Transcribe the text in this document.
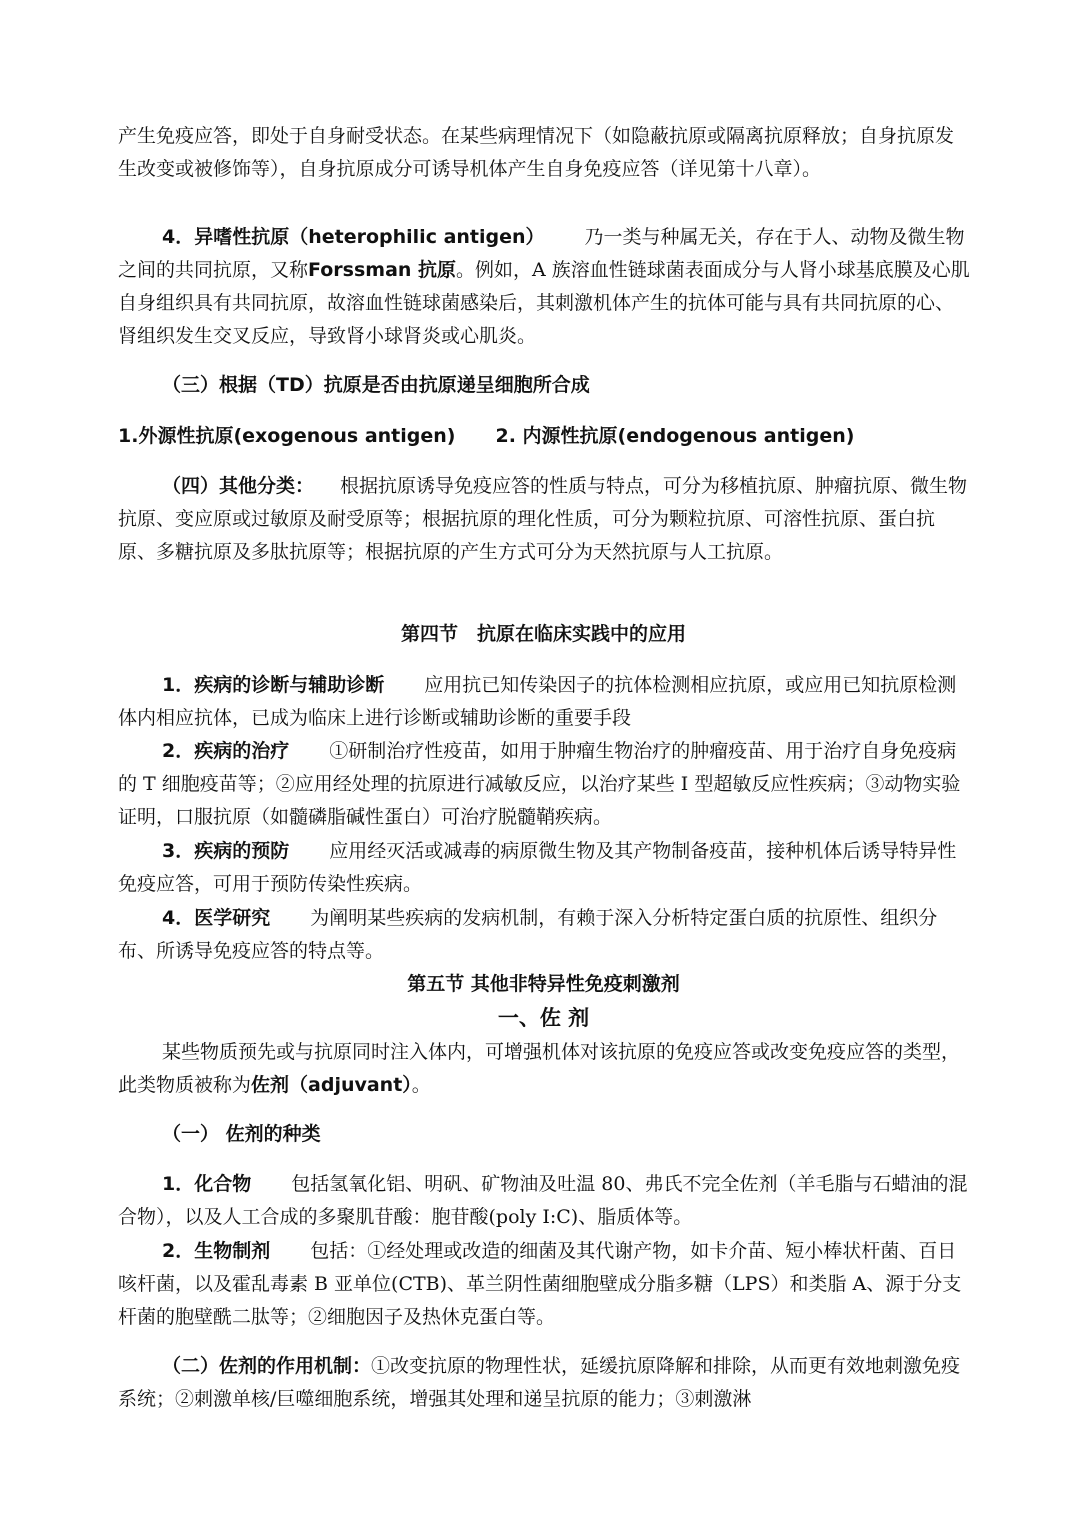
产生免疫应答，即处于自身耐受状态。在某些病理情况下（如隐蔽抗原或隔离抗原释放；自身抗原发生改变或被修饰等），自身抗原成分可诱导机体产生自身免疫应答（详见第十八章）。

4．异嗜性抗原（heterophilic antigen） 乃一类与种属无关，存在于人、动物及微生物之间的共同抗原，又称Forssman 抗原。例如，A 族溶血性链球菌表面成分与人肾小球基底膜及心肌自身组织具有共同抗原，故溶血性链球菌感染后，其刺激机体产生的抗体可能与具有共同抗原的心、肾组织发生交叉反应，导致肾小球肾炎或心肌炎。

（三）根据（TD）抗原是否由抗原递呈细胞所合成

1.外源性抗原(exogenous antigen) 2. 内源性抗原(endogenous antigen)

（四）其他分类： 根据抗原诱导免疫应答的性质与特点，可分为移植抗原、肿瘤抗原、微生物抗原、变应原或过敏原及耐受原等；根据抗原的理化性质，可分为颗粒抗原、可溶性抗原、蛋白抗原、多糖抗原及多肽抗原等；根据抗原的产生方式可分为天然抗原与人工抗原。

第四节　抗原在临床实践中的应用

1．疾病的诊断与辅助诊断 应用抗已知传染因子的抗体检测相应抗原，或应用已知抗原检测体内相应抗体，已成为临床上进行诊断或辅助诊断的重要手段

2．疾病的治疗 ①研制治疗性疫苗，如用于肿瘤生物治疗的肿瘤疫苗、用于治疗自身免疫病的 T 细胞疫苗等；②应用经处理的抗原进行减敏反应，以治疗某些 I 型超敏反应性疾病；③动物实验证明，口服抗原（如髓磷脂碱性蛋白）可治疗脱髓鞘疾病。

3．疾病的预防 应用经灭活或减毒的病原微生物及其产物制备疫苗，接种机体后诱导特异性免疫应答，可用于预防传染性疾病。

4．医学研究 为阐明某些疾病的发病机制，有赖于深入分析特定蛋白质的抗原性、组织分布、所诱导免疫应答的特点等。

第五节 其他非特异性免疫刺激剂

一、佐 剂

某些物质预先或与抗原同时注入体内，可增强机体对该抗原的免疫应答或改变免疫应答的类型，此类物质被称为佐剂（adjuvant）。

（一） 佐剂的种类

1．化合物 包括氢氧化铝、明矾、矿物油及吐温 80、弗氏不完全佐剂（羊毛脂与石蜡油的混合物），以及人工合成的多聚肌苷酸：胞苷酸(poly I:C)、脂质体等。

2．生物制剂 包括：①经处理或改造的细菌及其代谢产物，如卡介苗、短小棒状杆菌、百日咳杆菌，以及霍乱毒素 B 亚单位(CTB)、革兰阴性菌细胞壁成分脂多糖（LPS）和类脂 A、源于分支杆菌的胞壁酰二肽等；②细胞因子及热休克蛋白等。

（二）佐剂的作用机制：①改变抗原的物理性状，延缓抗原降解和排除，从而更有效地刺激免疫系统；②刺激单核/巨噬细胞系统，增强其处理和递呈抗原的能力；③刺激淋
